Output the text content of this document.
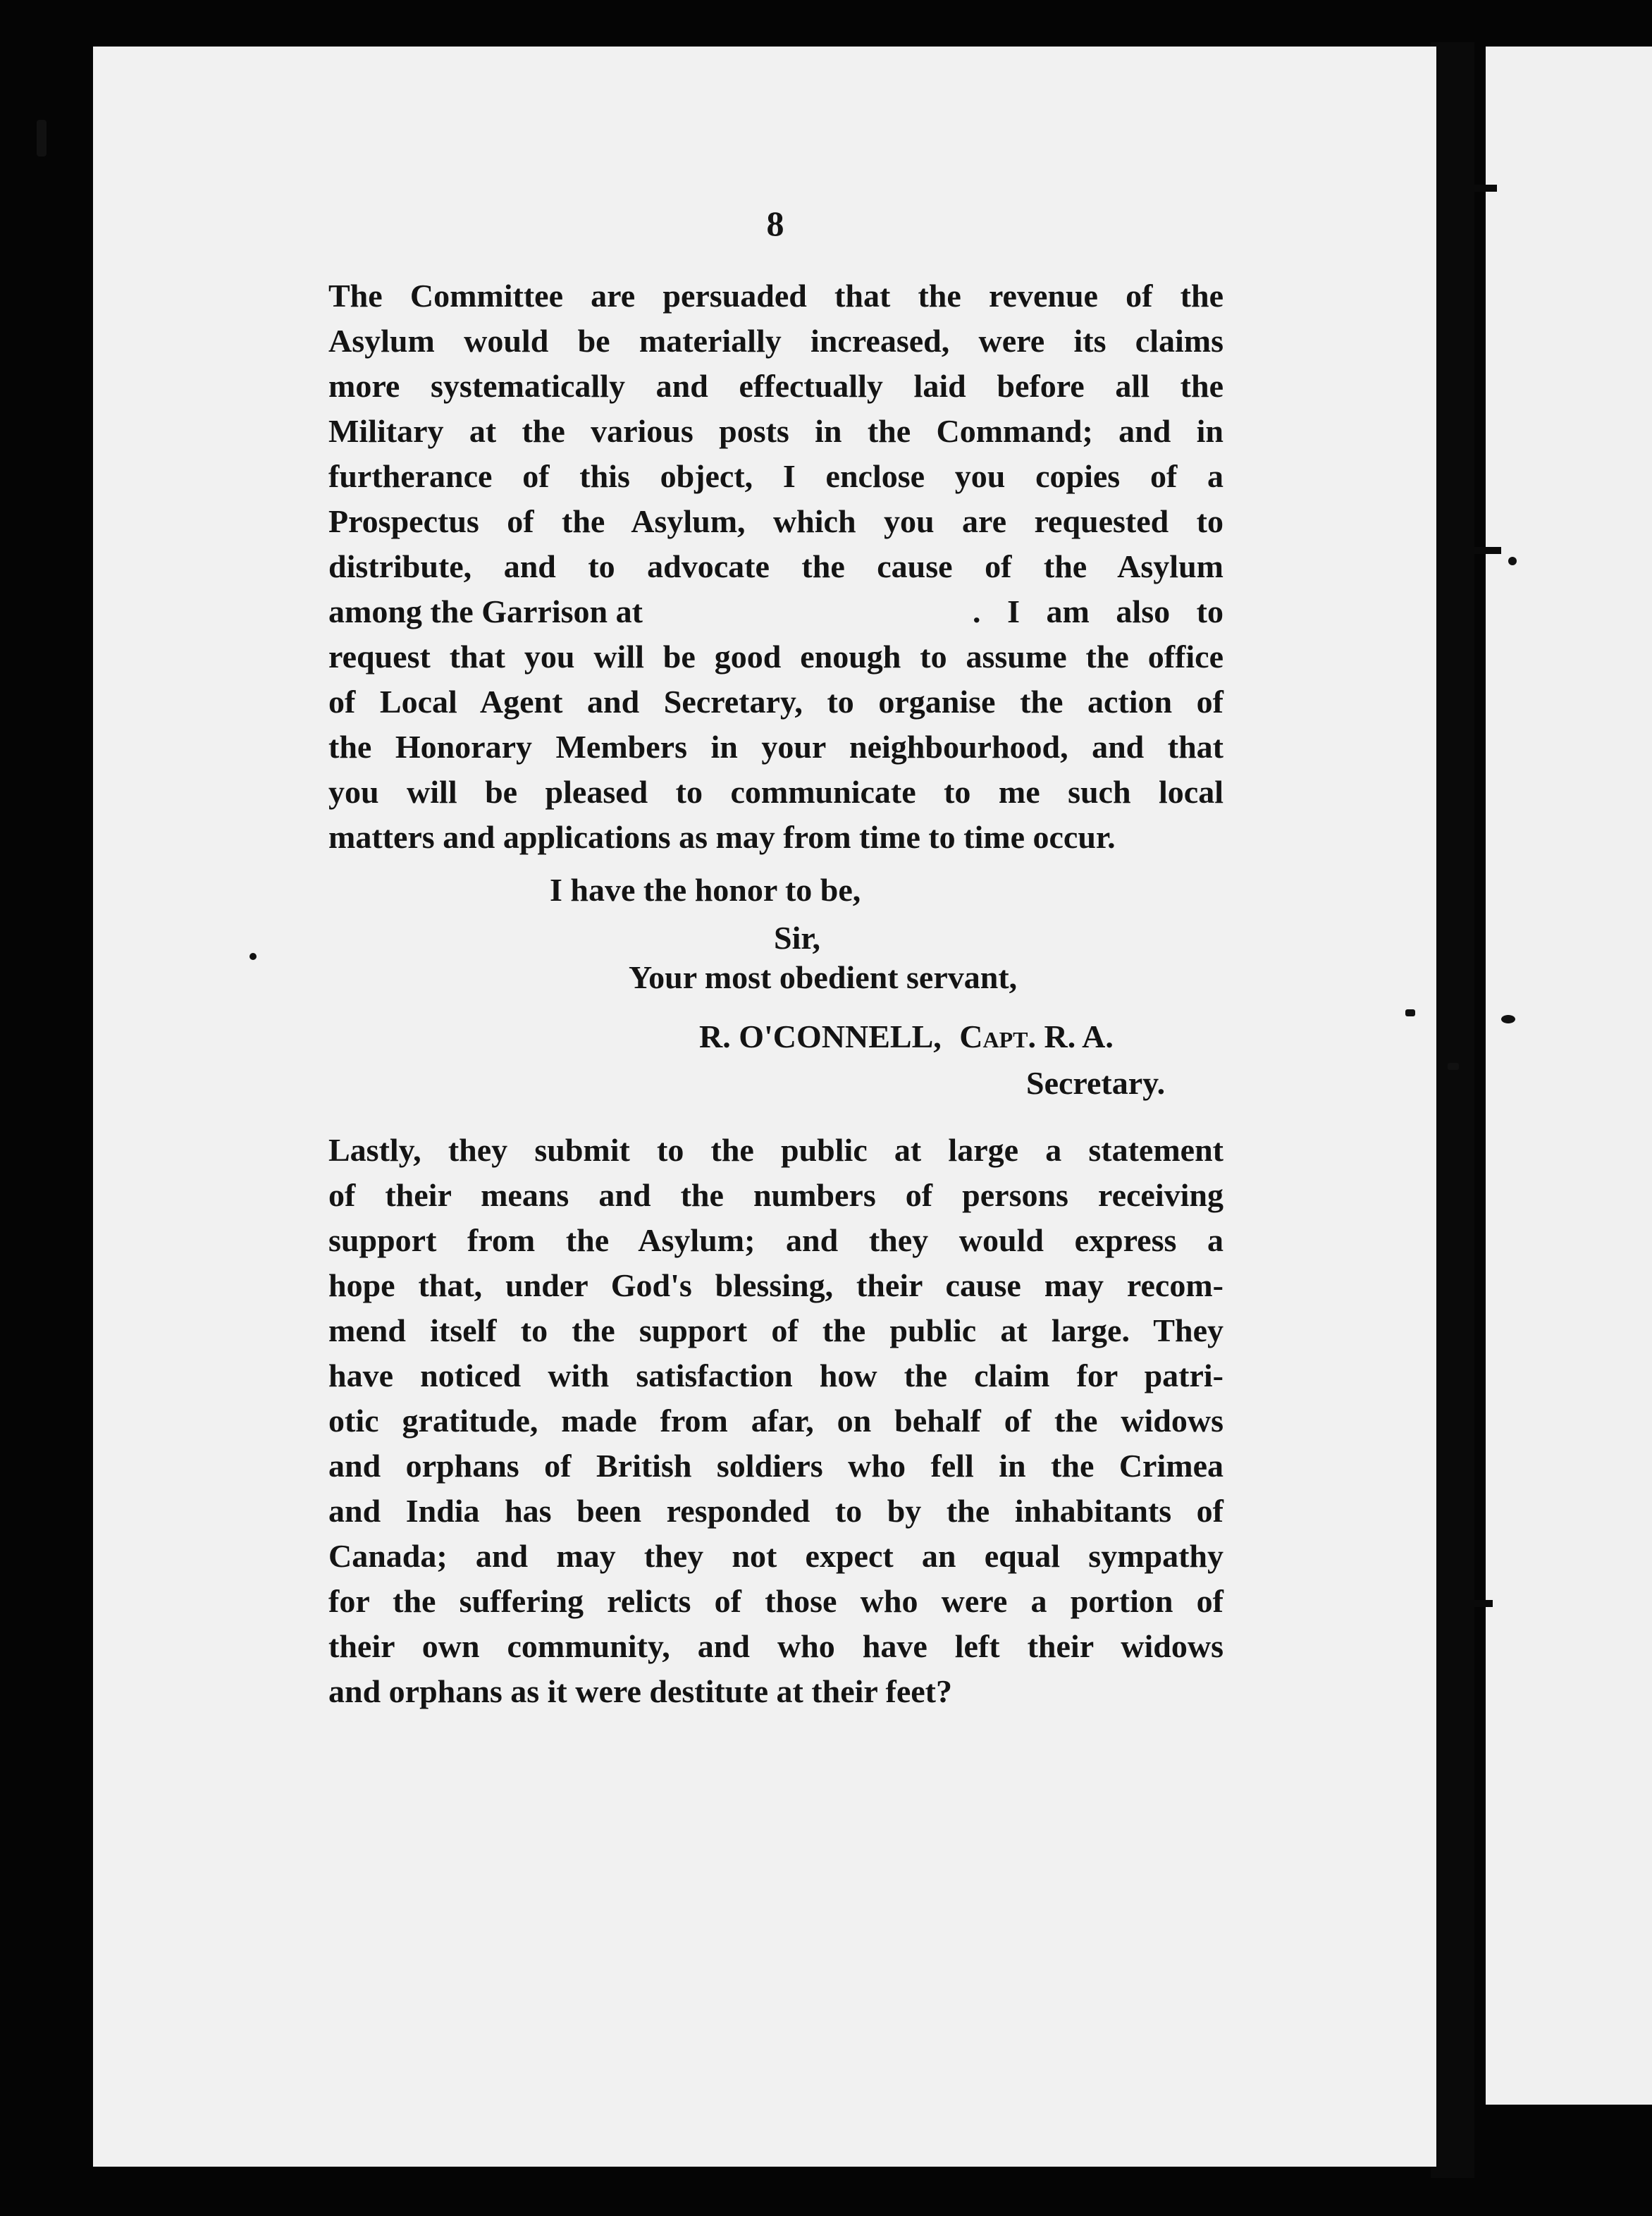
8
The Committee are persuaded that the revenue of the
Asylum would be materially increased, were its claims
more systematically and effectually laid before all the
Military at the various posts in the Command; and in
furtherance of this object, I enclose you copies of a
Prospectus of the Asylum, which you are requested to
distribute, and to advocate the cause of the Asylum
among the Garrison at	. I am also to
request that you will be good enough to assume the office
of Local Agent and Secretary, to organise the action of
the Honorary Members in your neighbourhood, and that
you will be pleased to communicate to me such local
matters and applications as may from time to time occur.
I have the honor to be,
Sir,
Your most obedient servant,
R. O'CONNELL, Capt. R. A.
Secretary.
Lastly, they submit to the public at large a statement
of their means and the numbers of persons receiving
support from the Asylum; and they would express a
hope that, under God's blessing, their cause may recom-
mend itself to the support of the public at large. They
have noticed with satisfaction how the claim for patri-
otic gratitude, made from afar, on behalf of the widows
and orphans of British soldiers who fell in the Crimea
and India has been responded to by the inhabitants of
Canada; and may they not expect an equal sympathy
for the suffering relicts of those who were a portion of
their own community, and who have left their widows
and orphans as it were destitute at their feet?
